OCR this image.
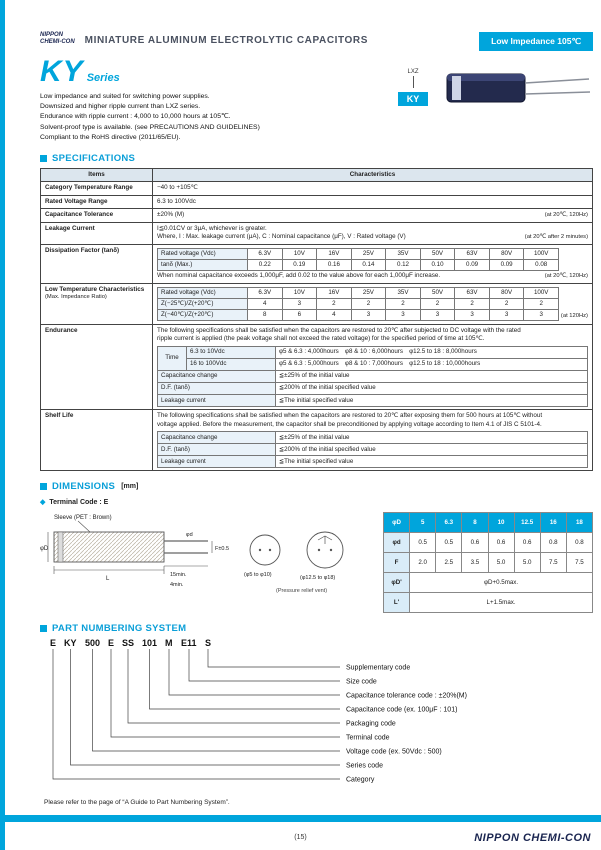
NIPPON
CHEMI-CON MINIATURE ALUMINUM ELECTROLYTIC CAPACITORS	Low Impedance 105℃
KY Series
Low impedance and suited for switching power supplies.
Downsized and higher ripple current than LXZ series.
Endurance with ripple current : 4,000 to 10,000 hours at 105℃.
Solvent-proof type is available. (see PRECAUTIONS AND GUIDELINES)
Compliant to the RoHS directive (2011/65/EU).
LXZ
KY
SPECIFICATIONS
Items	Characteristics
Category Temperature Range	−40 to +105℃
Rated Voltage Range	6.3 to 100Vdc
Capacitance Tolerance	±20% (M)	(at 20℃, 120Hz)

Leakage Current	I≦0.01CV or 3μA, whichever is greater.
Where, I : Max. leakage current (μA), C : Nominal capacitance (μF), V : Rated voltage (V)	(at 20℃ after 2 minutes)

Dissipation Factor (tanδ)		Rated voltage (Vdc)	6.3V	10V	16V	25V	35V	50V	63V	80V	100V
tanδ (Max.)	0.22	0.19	0.16	0.14	0.12	0.10	0.09	0.09	0.08
When nominal capacitance exceeds 1,000μF, add 0.02 to the value above for each 1,000μF increase.	(at 20℃, 120Hz)

Low Temperature Characteristics
(Max. Impedance Ratio)

Rated voltage (Vdc)	6.3V	10V	16V	25V	35V	50V	63V	80V	100V
Z(−25℃)/Z(+20℃)	4	3	2	2	2	2	2	2	2
Z(−40℃)/Z(+20℃)	8	6	4	3	3	3	3	3	3	(at 120Hz)

Endurance	The following specifications shall be satisfied when the capacitors are restored to 20℃ after subjected to DC voltage with the rated
ripple current is applied (the peak voltage shall not exceed the rated voltage) for the specified period of time at 105℃.
Time	6.3 to 10Vdc	φ5 & 6.3 : 4,000hours　φ8 & 10 : 6,000hours　φ12.5 to 18 : 8,000hours
16 to 100Vdc	φ5 & 6.3 : 5,000hours　φ8 & 10 : 7,000hours　φ12.5 to 18 : 10,000hours
Capacitance change	≦±25% of the initial value
D.F. (tanδ)	≦200% of the initial specified value
Leakage current	≦The initial specified value

Shelf Life	The following specifications shall be satisfied when the capacitors are restored to 20℃ after exposing them for 500 hours at 105℃ without
voltage applied. Before the measurement, the capacitor shall be preconditioned by applying voltage according to Item 4.1 of JIS C 5101-4.
Capacitance change	≦±25% of the initial value
D.F. (tanδ)	≦200% of the initial specified value
Leakage current	≦The initial specified value
DIMENSIONS [mm]
◆ Terminal Code : E
Sleeve (PET : Brown)
φD
L
φd
F±0.5
15min.
4min.
(φ5 to φ10)	(φ12.5 to φ18)
(Pressure relief vent)
φD	5	6.3	8	10	12.5	16	18
φd	0.5	0.5	0.6	0.6	0.6	0.8	0.8
F	2.0	2.5	3.5	5.0	5.0	7.5	7.5
φD'	φD+0.5max.						
L'	L+1.5max.						
PART NUMBERING SYSTEM
E KY 500 E SS 101 M E11 S
Supplementary code
Size code
Capacitance tolerance code : ±20%(M)
Capacitance code (ex. 100μF : 101)
Packaging code
Terminal code
Voltage code (ex. 50Vdc : 500)
Series code
Category
Please refer to the page of “A Guide to Part Numbering System”.
(15)	NIPPON CHEMI-CON
